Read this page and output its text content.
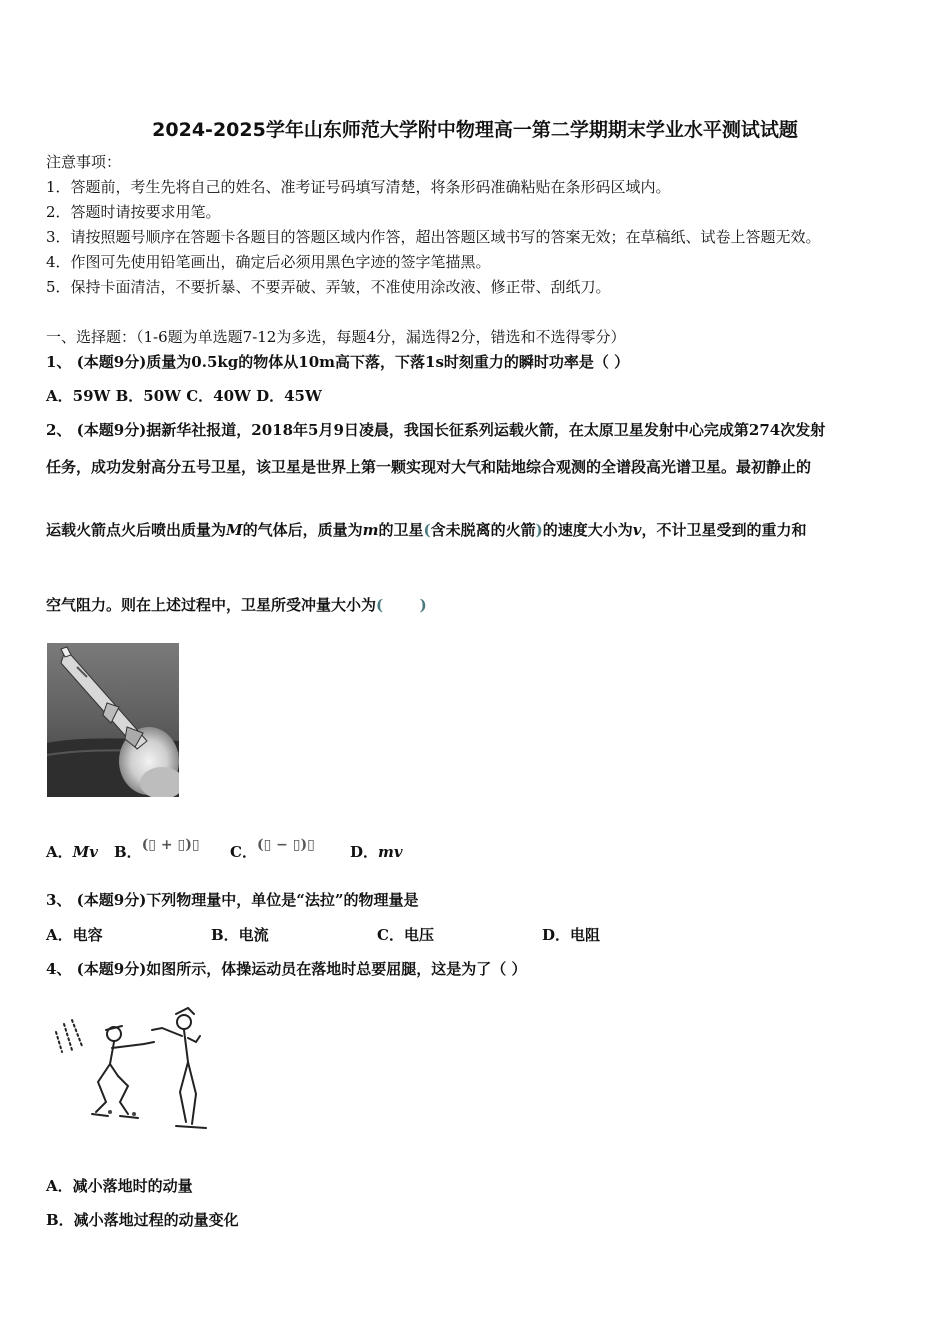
2024-2025学年山东师范大学附中物理高一第二学期期末学业水平测试试题
注意事项：
1．答题前，考生先将自己的姓名、准考证号码填写清楚，将条形码准确粘贴在条形码区域内。
2．答题时请按要求用笔。
3．请按照题号顺序在答题卡各题目的答题区域内作答，超出答题区域书写的答案无效；在草稿纸、试卷上答题无效。
4．作图可先使用铅笔画出，确定后必须用黑色字迹的签字笔描黑。
5．保持卡面清洁，不要折暴、不要弄破、弄皱，不准使用涂改液、修正带、刮纸刀。
一、选择题：（1-6题为单选题7-12为多选，每题4分，漏选得2分，错选和不选得零分）
1、 (本题9分)质量为0.5kg的物体从10m高下落，下落1s时刻重力的瞬时功率是（ ）
A．59W B．50W C．40W D．45W
2、 (本题9分)据新华社报道，2018年5月9日凌晨，我国长征系列运载火箭，在太原卫星发射中心完成第274次发射
任务，成功发射高分五号卫星，该卫星是世界上第一颗实现对大气和陆地综合观测的全谱段高光谱卫星。最初静止的
运载火箭点火后喷出质量为M的气体后，质量为m的卫星(含未脱离的火箭)的速度大小为v，不计卫星受到的重力和
空气阻力。则在上述过程中，卫星所受冲量大小为(       )
A．Mv B．(▯ + ▯)▯ C．(▯ − ▯)▯ D．mv
3、 (本题9分)下列物理量中，单位是“法拉”的物理量是
A．电容	B．电流	C．电压	D．电阻
4、 (本题9分)如图所示，体操运动员在落地时总要屈腿，这是为了（ ）
A．减小落地时的动量
B．减小落地过程的动量变化
